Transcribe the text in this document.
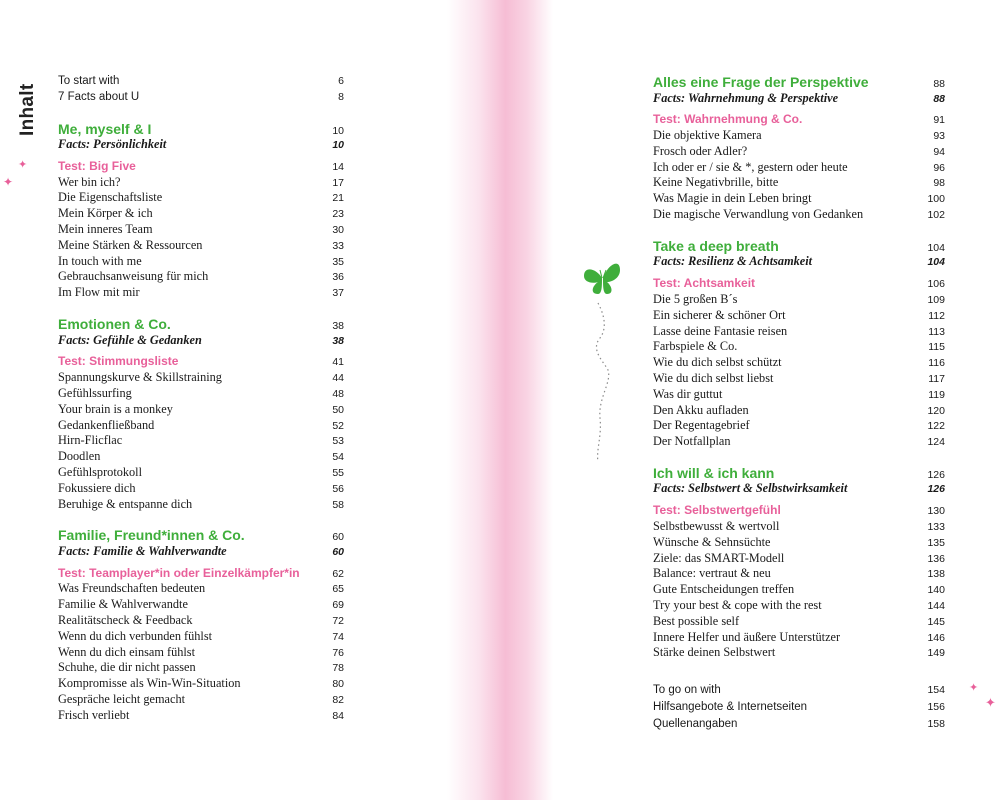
Inhalt
✦
✦
✦
✦
To start with	6
7 Facts about U	8
Me, myself & I	10
Facts: Persönlichkeit	10
Test: Big Five	14
Wer bin ich?	17
Die Eigenschaftsliste	21
Mein Körper & ich	23
Mein inneres Team	30
Meine Stärken & Ressourcen	33
In touch with me	35
Gebrauchsanweisung für mich	36
Im Flow mit mir	37
Emotionen & Co.	38
Facts: Gefühle & Gedanken	38
Test: Stimmungsliste	41
Spannungskurve & Skillstraining	44
Gefühlssurfing	48
Your brain is a monkey	50
Gedankenfließband	52
Hirn-Flicflac	53
Doodlen	54
Gefühlsprotokoll	55
Fokussiere dich	56
Beruhige & entspanne dich	58
Familie, Freund*innen & Co.	60
Facts: Familie & Wahlverwandte	60
Test: Teamplayer*in oder Einzelkämpfer*in	62
Was Freundschaften bedeuten	65
Familie & Wahlverwandte	69
Realitätscheck & Feedback	72
Wenn du dich verbunden fühlst	74
Wenn du dich einsam fühlst	76
Schuhe, die dir nicht passen	78
Kompromisse als Win-Win-Situation	80
Gespräche leicht gemacht	82
Frisch verliebt	84
Alles eine Frage der Perspektive	88
Facts: Wahrnehmung & Perspektive	88
Test: Wahrnehmung & Co.	91
Die objektive Kamera	93
Frosch oder Adler?	94
Ich oder er / sie & *, gestern oder heute	96
Keine Negativbrille, bitte	98
Was Magie in dein Leben bringt	100
Die magische Verwandlung von Gedanken	102
Take a deep breath	104
Facts: Resilienz & Achtsamkeit	104
Test: Achtsamkeit	106
Die 5 großen B´s	109
Ein sicherer & schöner Ort	112
Lasse deine Fantasie reisen	113
Farbspiele & Co.	115
Wie du dich selbst schützt	116
Wie du dich selbst liebst	117
Was dir guttut	119
Den Akku aufladen	120
Der Regentagebrief	122
Der Notfallplan	124
Ich will & ich kann	126
Facts: Selbstwert & Selbstwirksamkeit	126
Test: Selbstwertgefühl	130
Selbstbewusst & wertvoll	133
Wünsche & Sehnsüchte	135
Ziele: das SMART-Modell	136
Balance: vertraut & neu	138
Gute Entscheidungen treffen	140
Try your best & cope with the rest	144
Best possible self	145
Innere Helfer und äußere Unterstützer	146
Stärke deinen Selbstwert	149
To go on with	154
Hilfsangebote & Internetseiten	156
Quellenangaben	158
